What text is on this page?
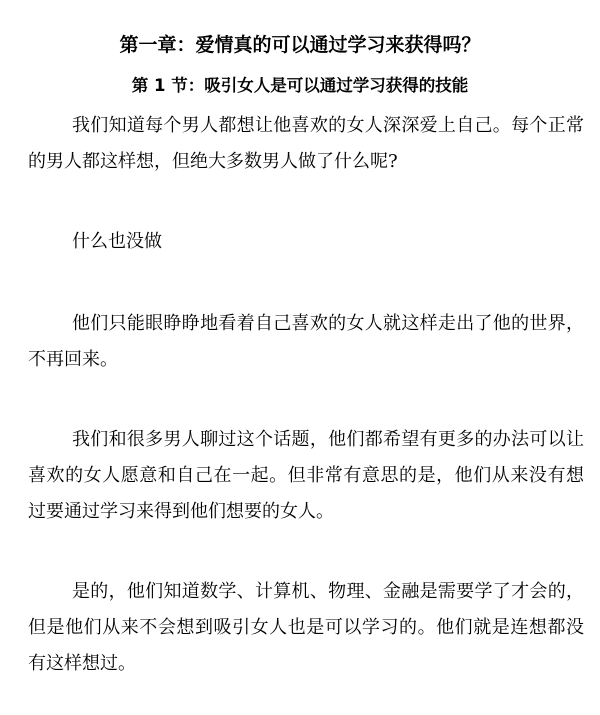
第一章：爱情真的可以通过学习来获得吗？
第 1 节：吸引女人是可以通过学习获得的技能

我们知道每个男人都想让他喜欢的女人深深爱上自己。每个正常的男人都这样想，但绝大多数男人做了什么呢?

什么也没做

他们只能眼睁睁地看着自己喜欢的女人就这样走出了他的世界，不再回来。

我们和很多男人聊过这个话题，他们都希望有更多的办法可以让喜欢的女人愿意和自己在一起。但非常有意思的是，他们从来没有想过要通过学习来得到他们想要的女人。

是的，他们知道数学、计算机、物理、金融是需要学了才会的，但是他们从来不会想到吸引女人也是可以学习的。他们就是连想都没有这样想过。
